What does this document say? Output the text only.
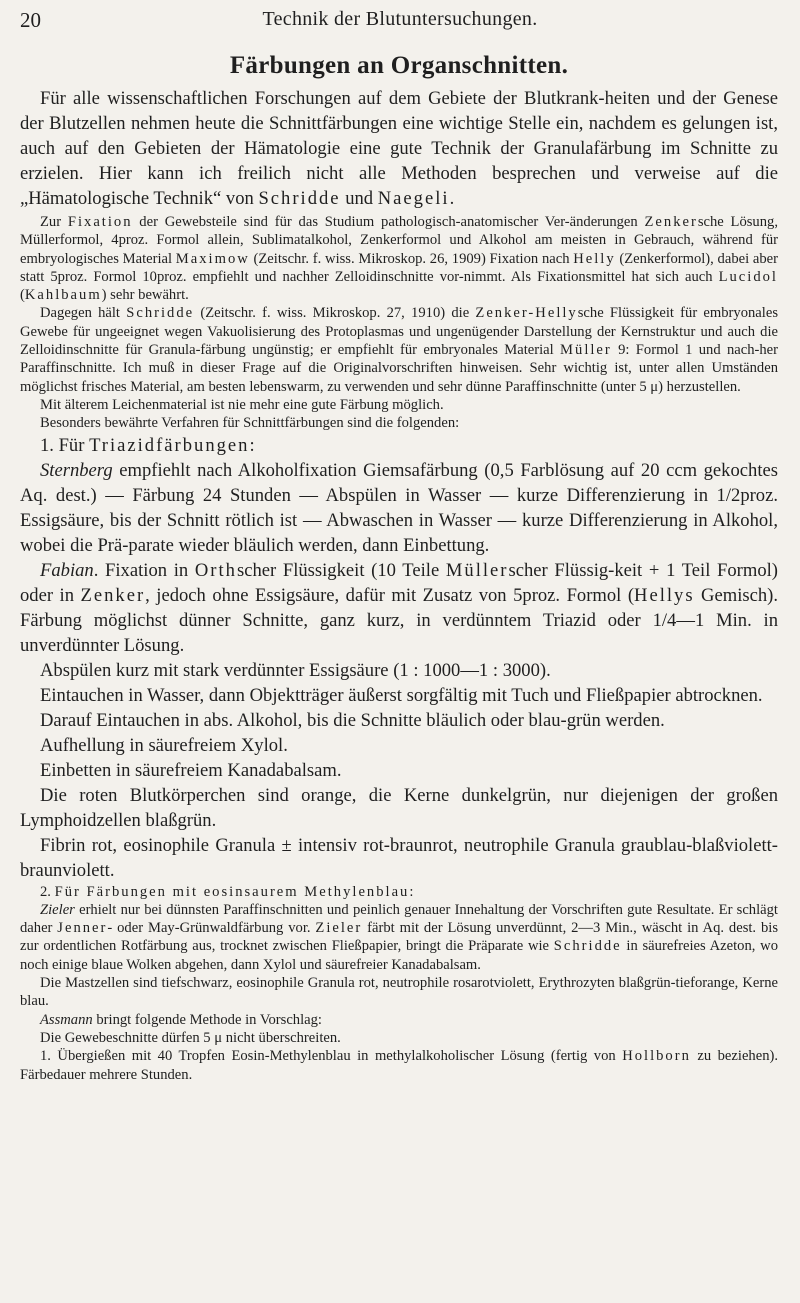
20	Technik der Blutuntersuchungen.
Färbungen an Organschnitten.

Für alle wissenschaftlichen Forschungen auf dem Gebiete der Blutkrank-heiten und der Genese der Blutzellen nehmen heute die Schnittfärbungen eine wichtige Stelle ein, nachdem es gelungen ist, auch auf den Gebieten der Hämatologie eine gute Technik der Granulafärbung im Schnitte zu erzielen. Hier kann ich freilich nicht alle Methoden besprechen und verweise auf die „Hämatologische Technik“ von Schridde und Naegeli.

Zur Fixation der Gewebsteile sind für das Studium pathologisch-anatomischer Ver-änderungen Zenkersche Lösung, Müllerformol, 4proz. Formol allein, Sublimatalkohol, Zenkerformol und Alkohol am meisten in Gebrauch, während für embryologisches Material Maximow (Zeitschr. f. wiss. Mikroskop. 26, 1909) Fixation nach Helly (Zenkerformol), dabei aber statt 5proz. Formol 10proz. empfiehlt und nachher Zelloidinschnitte vor-nimmt. Als Fixationsmittel hat sich auch Lucidol (Kahlbaum) sehr bewährt.

Dagegen hält Schridde (Zeitschr. f. wiss. Mikroskop. 27, 1910) die Zenker-Hellysche Flüssigkeit für embryonales Gewebe für ungeeignet wegen Vakuolisierung des Protoplasmas und ungenügender Darstellung der Kernstruktur und auch die Zelloidinschnitte für Granula-färbung ungünstig; er empfiehlt für embryonales Material Müller 9: Formol 1 und nach-her Paraffinschnitte. Ich muß in dieser Frage auf die Originalvorschriften hinweisen. Sehr wichtig ist, unter allen Umständen möglichst frisches Material, am besten lebenswarm, zu verwenden und sehr dünne Paraffinschnitte (unter 5 μ) herzustellen.

Mit älterem Leichenmaterial ist nie mehr eine gute Färbung möglich.

Besonders bewährte Verfahren für Schnittfärbungen sind die folgenden:

1. Für Triazidfärbungen:

Sternberg empfiehlt nach Alkoholfixation Giemsafärbung (0,5 Farblösung auf 20 ccm gekochtes Aq. dest.) — Färbung 24 Stunden — Abspülen in Wasser — kurze Differenzierung in 1/2proz. Essigsäure, bis der Schnitt rötlich ist — Abwaschen in Wasser — kurze Differenzierung in Alkohol, wobei die Prä-parate wieder bläulich werden, dann Einbettung.

Fabian. Fixation in Orthscher Flüssigkeit (10 Teile Müllerscher Flüssig-keit + 1 Teil Formol) oder in Zenker, jedoch ohne Essigsäure, dafür mit Zusatz von 5proz. Formol (Hellys Gemisch). Färbung möglichst dünner Schnitte, ganz kurz, in verdünntem Triazid oder 1/4—1 Min. in unverdünnter Lösung.

Abspülen kurz mit stark verdünnter Essigsäure (1 : 1000—1 : 3000).

Eintauchen in Wasser, dann Objektträger äußerst sorgfältig mit Tuch und Fließpapier abtrocknen.

Darauf Eintauchen in abs. Alkohol, bis die Schnitte bläulich oder blau-grün werden.

Aufhellung in säurefreiem Xylol.

Einbetten in säurefreiem Kanadabalsam.

Die roten Blutkörperchen sind orange, die Kerne dunkelgrün, nur diejenigen der großen Lymphoidzellen blaßgrün.

Fibrin rot, eosinophile Granula ± intensiv rot-braunrot, neutrophile Granula graublau-blaßviolett-braunviolett.

2. Für Färbungen mit eosinsaurem Methylenblau:

Zieler erhielt nur bei dünnsten Paraffinschnitten und peinlich genauer Innehaltung der Vorschriften gute Resultate. Er schlägt daher Jenner- oder May-Grünwaldfärbung vor. Zieler färbt mit der Lösung unverdünnt, 2—3 Min., wäscht in Aq. dest. bis zur ordentlichen Rotfärbung aus, trocknet zwischen Fließpapier, bringt die Präparate wie Schridde in säurefreies Azeton, wo noch einige blaue Wolken abgehen, dann Xylol und säurefreier Kanadabalsam.

Die Mastzellen sind tiefschwarz, eosinophile Granula rot, neutrophile rosarotviolett, Erythrozyten blaßgrün-tieforange, Kerne blau.

Assmann bringt folgende Methode in Vorschlag:

Die Gewebeschnitte dürfen 5 μ nicht überschreiten.

1. Übergießen mit 40 Tropfen Eosin-Methylenblau in methylalkoholischer Lösung (fertig von Hollborn zu beziehen). Färbedauer mehrere Stunden.
